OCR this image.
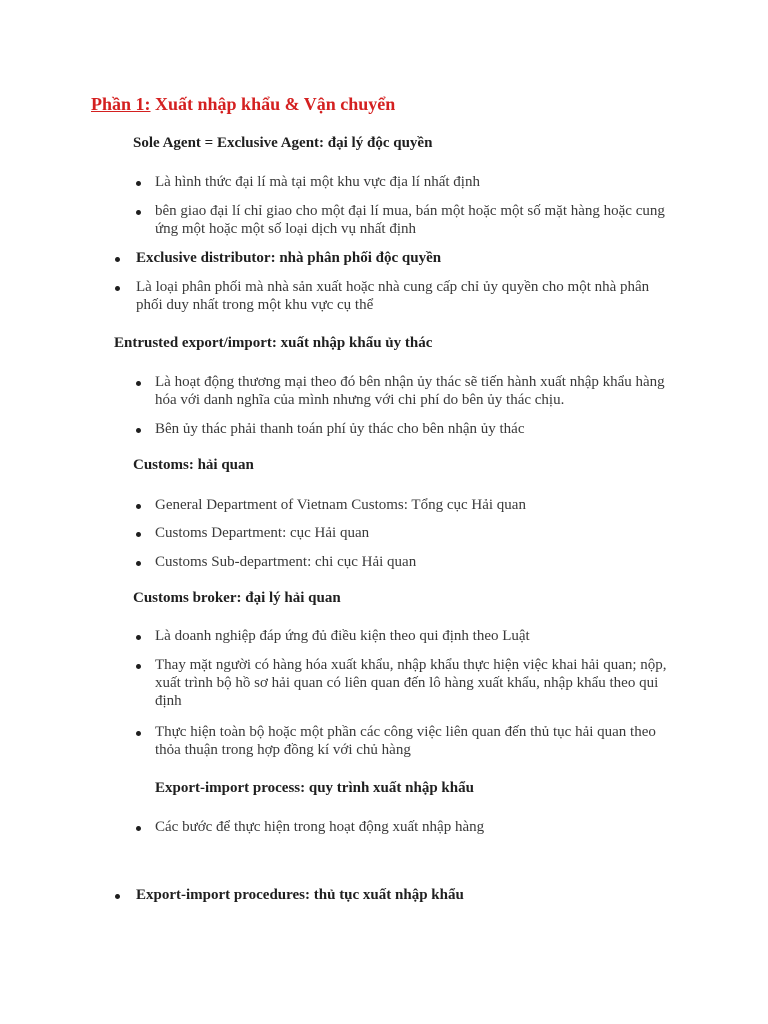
Phần 1: Xuất nhập khẩu & Vận chuyển
Sole Agent = Exclusive Agent: đại lý độc quyền
Là hình thức đại lí mà tại một khu vực địa lí nhất định
bên giao đại lí chỉ giao cho một đại lí mua, bán một hoặc một số mặt hàng hoặc cung ứng một hoặc một số loại dịch vụ nhất định
Exclusive distributor: nhà phân phối độc quyền
Là loại phân phối mà nhà sản xuất hoặc nhà cung cấp chỉ ủy quyền cho một nhà phân phối duy nhất trong một khu vực cụ thể
Entrusted export/import: xuất nhập khẩu ủy thác
Là hoạt động thương mại theo đó bên nhận ủy thác sẽ tiến hành xuất nhập khẩu hàng hóa với danh nghĩa của mình nhưng với chi phí do bên ủy thác chịu.
Bên ủy thác phải thanh toán phí ủy thác cho bên nhận ủy thác
Customs: hải quan
General Department of Vietnam Customs: Tổng cục Hải quan
Customs Department: cục Hải quan
Customs Sub-department: chi cục Hải quan
Customs broker: đại lý hải quan
Là doanh nghiệp đáp ứng đủ điều kiện theo qui định theo Luật
Thay mặt người có hàng hóa xuất khẩu, nhập khẩu thực hiện việc khai hải quan; nộp, xuất trình bộ hồ sơ hải quan có liên quan đến lô hàng xuất khẩu, nhập khẩu theo qui định
Thực hiện toàn bộ hoặc một phần các công việc liên quan đến thủ tục hải quan theo thỏa thuận trong hợp đồng kí với chủ hàng
Export-import process: quy trình xuất nhập khẩu
Các bước để thực hiện trong hoạt động xuất nhập hàng
Export-import procedures: thủ tục xuất nhập khẩu
